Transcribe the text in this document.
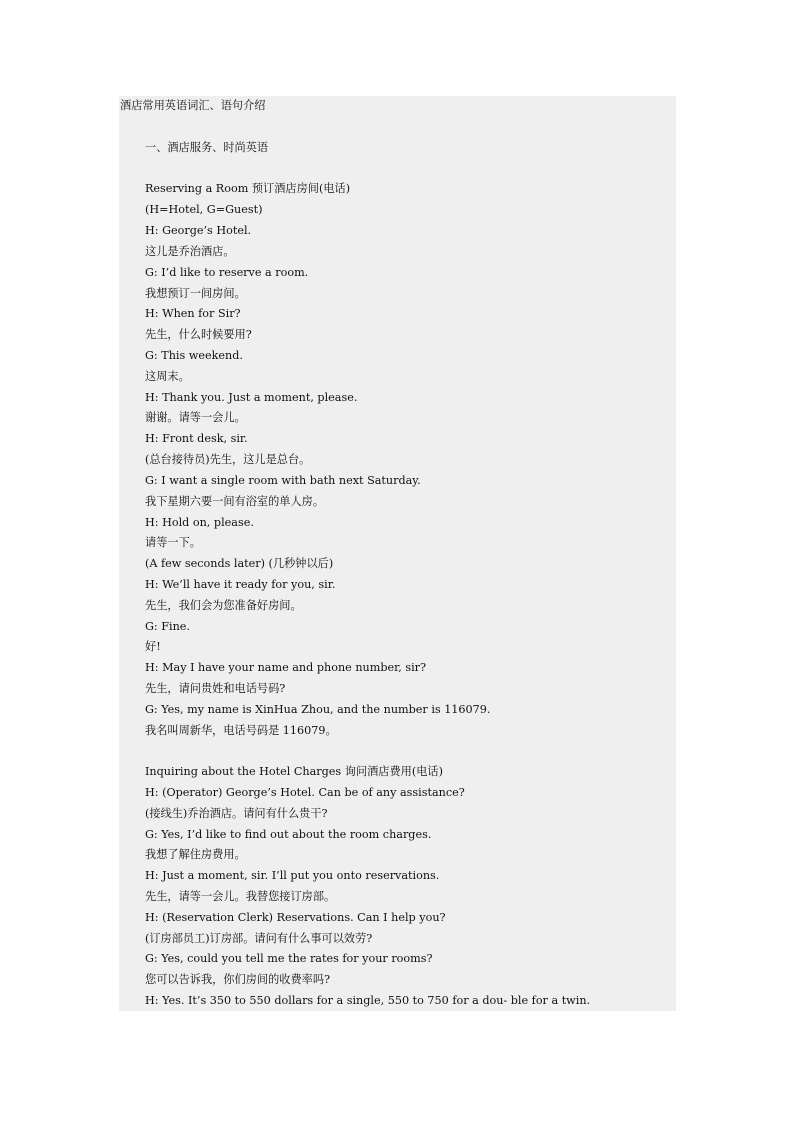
酒店常用英语词汇、语句介绍
一、酒店服务、时尚英语
Reserving a Room 预订酒店房间(电话)
(H=Hotel, G=Guest)
H: George’s Hotel.
这儿是乔治酒店。
G: I’d like to reserve a room.
我想预订一间房间。
H: When for Sir?
先生，什么时候要用?
G: This weekend.
这周末。
H: Thank you. Just a moment, please.
谢谢。请等一会儿。
H: Front desk, sir.
(总台接待员)先生，这儿是总台。
G: I want a single room with bath next Saturday.
我下星期六要一间有浴室的单人房。
H: Hold on, please.
请等一下。
(A few seconds later) (几秒钟以后)
H: We’ll have it ready for you, sir.
先生，我们会为您准备好房间。
G: Fine.
好!
H: May I have your name and phone number, sir?
先生，请问贵姓和电话号码?
G: Yes, my name is XinHua Zhou, and the number is 116079.
我名叫周新华，电话号码是 116079。
Inquiring about the Hotel Charges 询问酒店费用(电话)
H: (Operator) George’s Hotel. Can be of any assistance?
(接线生)乔治酒店。请问有什么贵干?
G: Yes, I’d like to find out about the room charges.
我想了解住房费用。
H: Just a moment, sir. I’ll put you onto reservations.
先生，请等一会儿。我替您接订房部。
H: (Reservation Clerk) Reservations. Can I help you?
(订房部员工)订房部。请问有什么事可以效劳?
G: Yes, could you tell me the rates for your rooms?
您可以告诉我，你们房间的收费率吗?
H: Yes. It’s 350 to 550 dollars for a single, 550 to 750 for a dou- ble for a twin.
